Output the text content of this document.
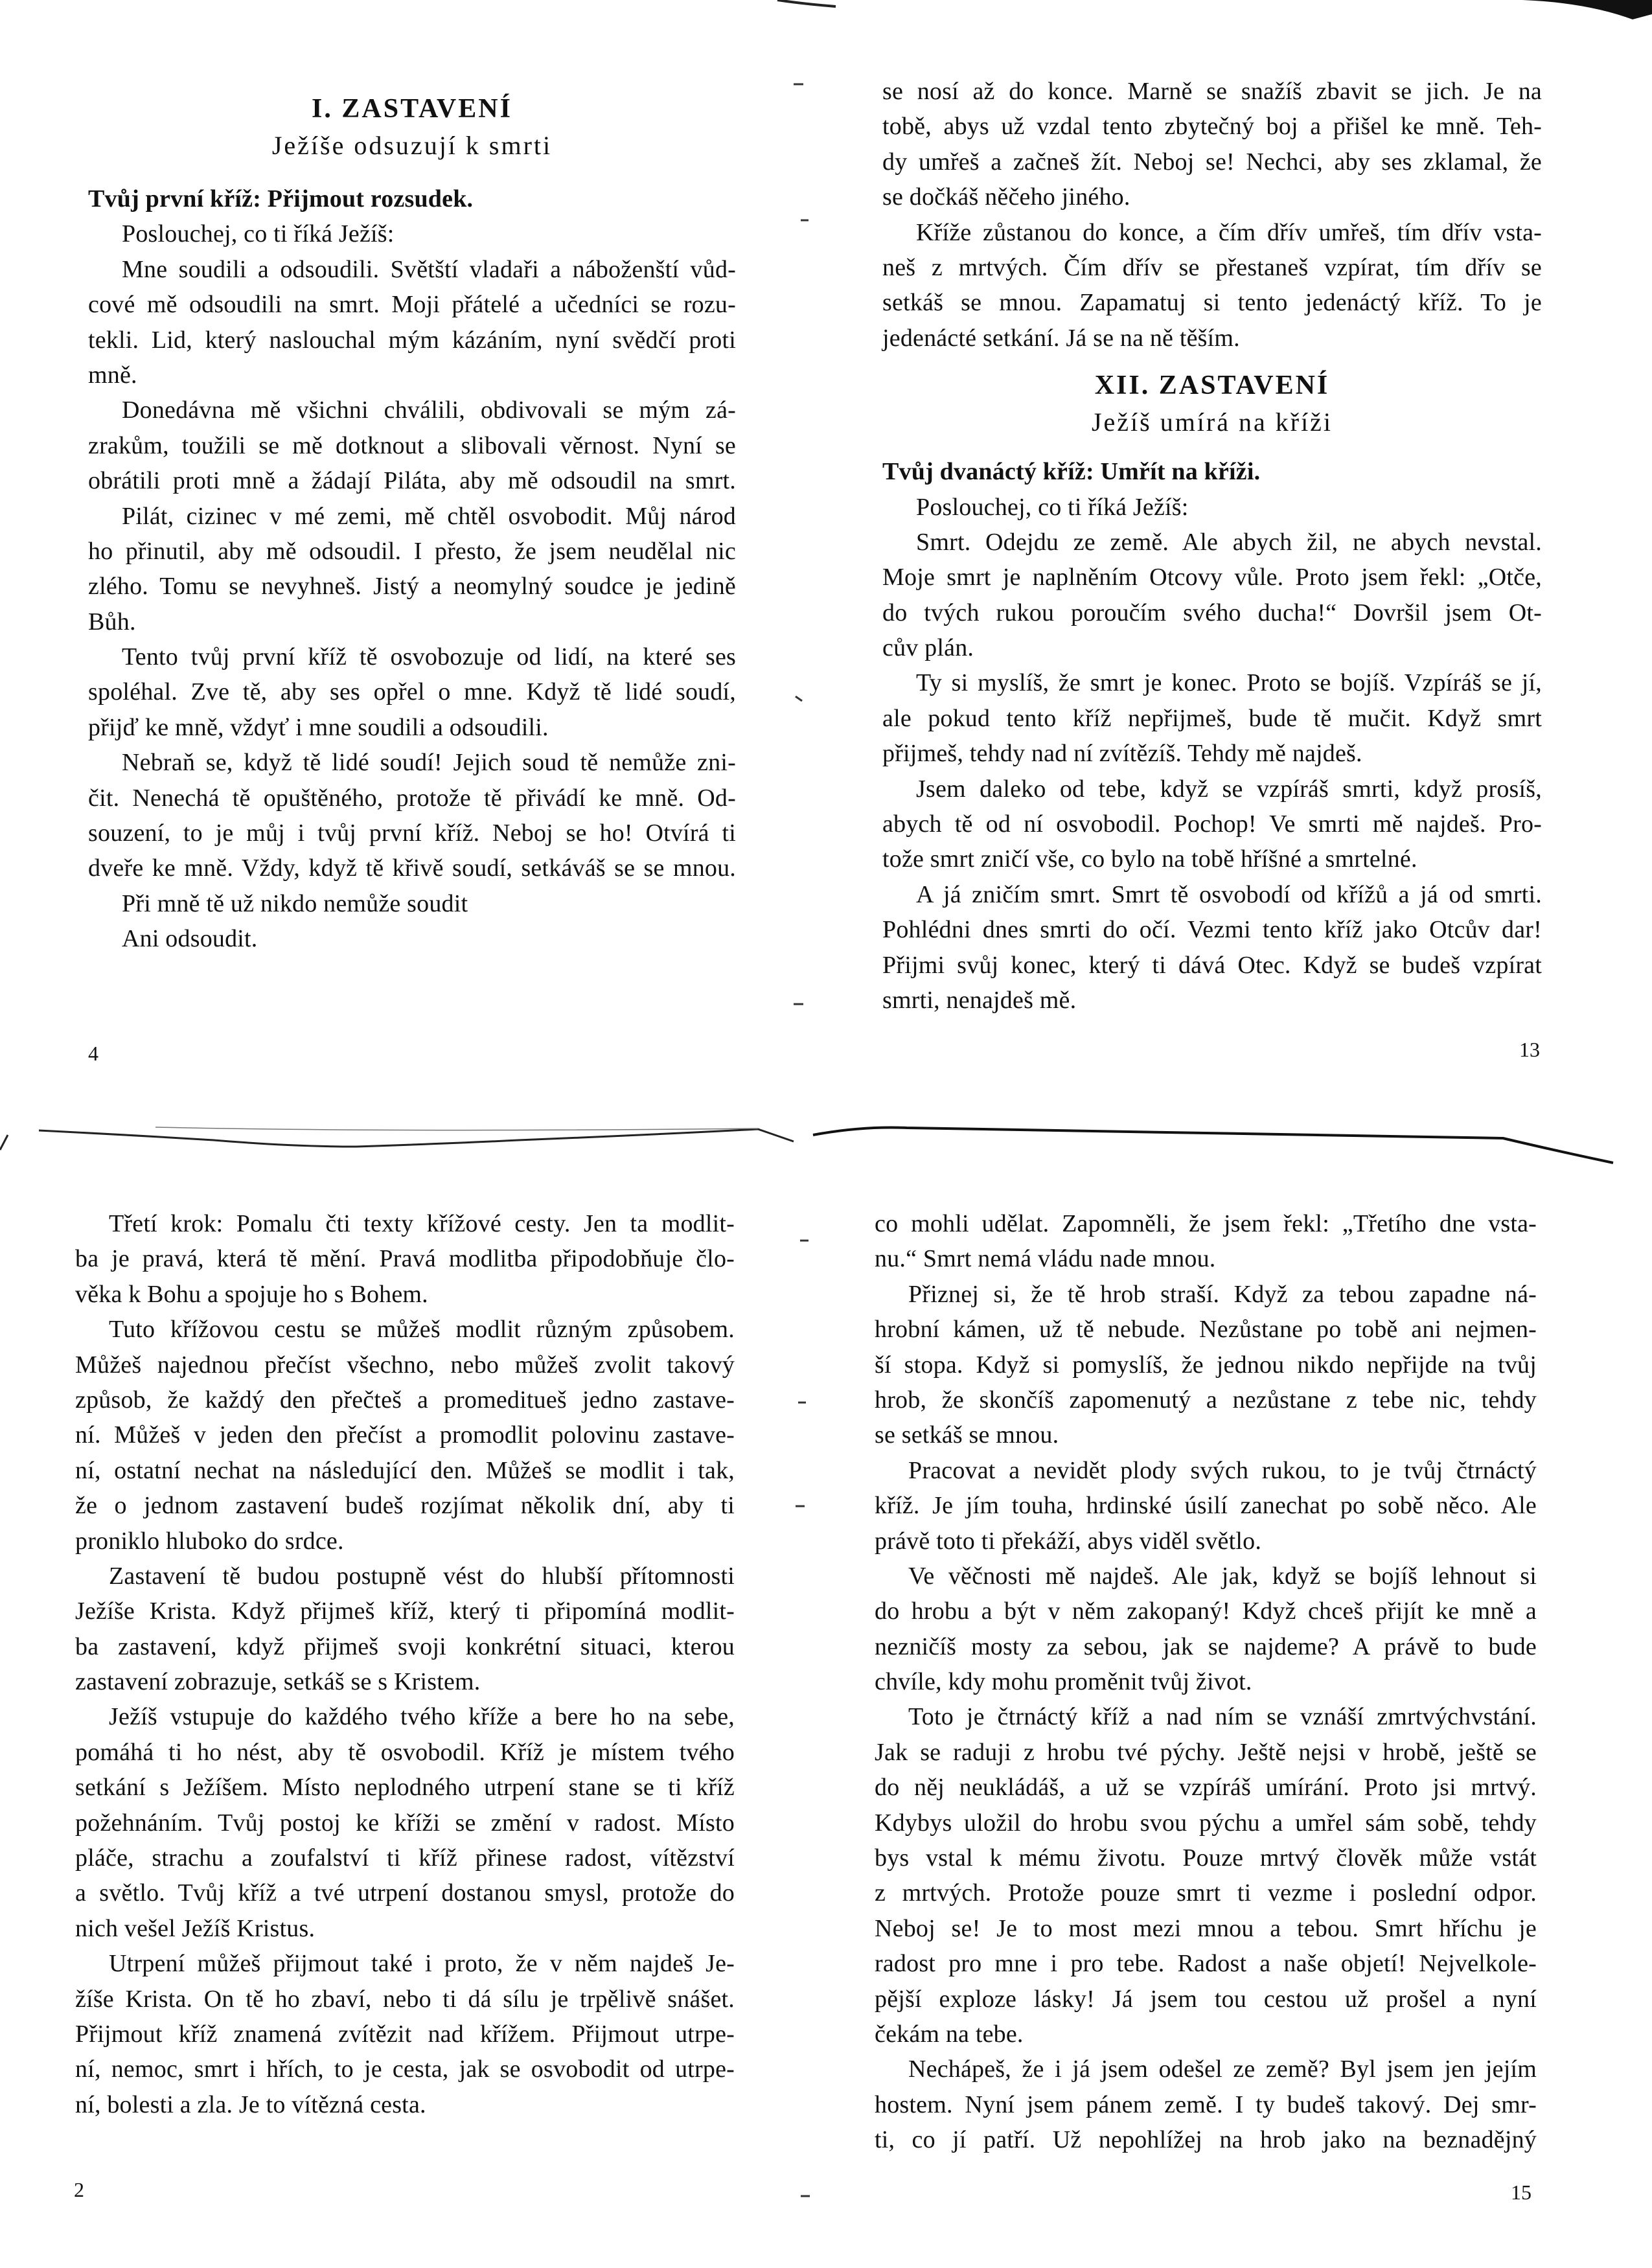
I. ZASTAVENÍ
Ježíše odsuzují k smrti
Tvůj první kříž: Přijmout rozsudek.
Poslouchej, co ti říká Ježíš:
Mne soudili a odsoudili. Světští vladaři a náboženští vůd-
cové mě odsoudili na smrt. Moji přátelé a učedníci se rozu-
tekli. Lid, který naslouchal mým kázáním, nyní svědčí proti
mně.
Donedávna mě všichni chválili, obdivovali se mým zá-
zrakům, toužili se mě dotknout a slibovali věrnost. Nyní se
obrátili proti mně a žádají Piláta, aby mě odsoudil na smrt.
Pilát, cizinec v mé zemi, mě chtěl osvobodit. Můj národ
ho přinutil, aby mě odsoudil. I přesto, že jsem neudělal nic
zlého. Tomu se nevyhneš. Jistý a neomylný soudce je jedině
Bůh.
Tento tvůj první kříž tě osvobozuje od lidí, na které ses
spoléhal. Zve tě, aby ses opřel o mne. Když tě lidé soudí,
přijď ke mně, vždyť i mne soudili a odsoudili.
Nebraň se, když tě lidé soudí! Jejich soud tě nemůže zni-
čit. Nenechá tě opuštěného, protože tě přivádí ke mně. Od-
souzení, to je můj i tvůj první kříž. Neboj se ho! Otvírá ti
dveře ke mně. Vždy, když tě křivě soudí, setkáváš se se mnou.
Při mně tě už nikdo nemůže soudit
Ani odsoudit.
se nosí až do konce. Marně se snažíš zbavit se jich. Je na
tobě, abys už vzdal tento zbytečný boj a přišel ke mně. Teh-
dy umřeš a začneš žít. Neboj se! Nechci, aby ses zklamal, že
se dočkáš něčeho jiného.
Kříže zůstanou do konce, a čím dřív umřeš, tím dřív vsta-
neš z mrtvých. Čím dřív se přestaneš vzpírat, tím dřív se
setkáš se mnou. Zapamatuj si tento jedenáctý kříž. To je
jedenácté setkání. Já se na ně těším.
XII. ZASTAVENÍ
Ježíš umírá na kříži
Tvůj dvanáctý kříž: Umřít na kříži.
Poslouchej, co ti říká Ježíš:
Smrt. Odejdu ze země. Ale abych žil, ne abych nevstal.
Moje smrt je naplněním Otcovy vůle. Proto jsem řekl: „Otče,
do tvých rukou poroučím svého ducha!“ Dovršil jsem Ot-
cův plán.
Ty si myslíš, že smrt je konec. Proto se bojíš. Vzpíráš se jí,
ale pokud tento kříž nepřijmeš, bude tě mučit. Když smrt
přijmeš, tehdy nad ní zvítězíš. Tehdy mě najdeš.
Jsem daleko od tebe, když se vzpíráš smrti, když prosíš,
abych tě od ní osvobodil. Pochop! Ve smrti mě najdeš. Pro-
tože smrt zničí vše, co bylo na tobě hříšné a smrtelné.
A já zničím smrt. Smrt tě osvobodí od křížů a já od smrti.
Pohlédni dnes smrti do očí. Vezmi tento kříž jako Otcův dar!
Přijmi svůj konec, který ti dává Otec. Když se budeš vzpírat
smrti, nenajdeš mě.
Třetí krok: Pomalu čti texty křížové cesty. Jen ta modlit-
ba je pravá, která tě mění. Pravá modlitba připodobňuje člo-
věka k Bohu a spojuje ho s Bohem.
Tuto křížovou cestu se můžeš modlit různým způsobem.
Můžeš najednou přečíst všechno, nebo můžeš zvolit takový
způsob, že každý den přečteš a promeditueš jedno zastave-
ní. Můžeš v jeden den přečíst a promodlit polovinu zastave-
ní, ostatní nechat na následující den. Můžeš se modlit i tak,
že o jednom zastavení budeš rozjímat několik dní, aby ti
proniklo hluboko do srdce.
Zastavení tě budou postupně vést do hlubší přítomnosti
Ježíše Krista. Když přijmeš kříž, který ti připomíná modlit-
ba zastavení, když přijmeš svoji konkrétní situaci, kterou
zastavení zobrazuje, setkáš se s Kristem.
Ježíš vstupuje do každého tvého kříže a bere ho na sebe,
pomáhá ti ho nést, aby tě osvobodil. Kříž je místem tvého
setkání s Ježíšem. Místo neplodného utrpení stane se ti kříž
požehnáním. Tvůj postoj ke kříži se změní v radost. Místo
pláče, strachu a zoufalství ti kříž přinese radost, vítězství
a světlo. Tvůj kříž a tvé utrpení dostanou smysl, protože do
nich vešel Ježíš Kristus.
Utrpení můžeš přijmout také i proto, že v něm najdeš Je-
žíše Krista. On tě ho zbaví, nebo ti dá sílu je trpělivě snášet.
Přijmout kříž znamená zvítězit nad křížem. Přijmout utrpe-
ní, nemoc, smrt i hřích, to je cesta, jak se osvobodit od utrpe-
ní, bolesti a zla. Je to vítězná cesta.
co mohli udělat. Zapomněli, že jsem řekl: „Třetího dne vsta-
nu.“ Smrt nemá vládu nade mnou.
Přiznej si, že tě hrob straší. Když za tebou zapadne ná-
hrobní kámen, už tě nebude. Nezůstane po tobě ani nejmen-
ší stopa. Když si pomyslíš, že jednou nikdo nepřijde na tvůj
hrob, že skončíš zapomenutý a nezůstane z tebe nic, tehdy
se setkáš se mnou.
Pracovat a nevidět plody svých rukou, to je tvůj čtrnáctý
kříž. Je jím touha, hrdinské úsilí zanechat po sobě něco. Ale
právě toto ti překáží, abys viděl světlo.
Ve věčnosti mě najdeš. Ale jak, když se bojíš lehnout si
do hrobu a být v něm zakopaný! Když chceš přijít ke mně a
nezničíš mosty za sebou, jak se najdeme? A právě to bude
chvíle, kdy mohu proměnit tvůj život.
Toto je čtrnáctý kříž a nad ním se vznáší zmrtvýchvstání.
Jak se raduji z hrobu tvé pýchy. Ještě nejsi v hrobě, ještě se
do něj neukládáš, a už se vzpíráš umírání. Proto jsi mrtvý.
Kdybys uložil do hrobu svou pýchu a umřel sám sobě, tehdy
bys vstal k mému životu. Pouze mrtvý člověk může vstát
z mrtvých. Protože pouze smrt ti vezme i poslední odpor.
Neboj se! Je to most mezi mnou a tebou. Smrt hříchu je
radost pro mne i pro tebe. Radost a naše objetí! Nejvelkole-
pější exploze lásky! Já jsem tou cestou už prošel a nyní
čekám na tebe.
Nechápeš, že i já jsem odešel ze země? Byl jsem jen jejím
hostem. Nyní jsem pánem země. I ty budeš takový. Dej smr-
ti, co jí patří. Už nepohlížej na hrob jako na beznadějný
4	13
2	15
